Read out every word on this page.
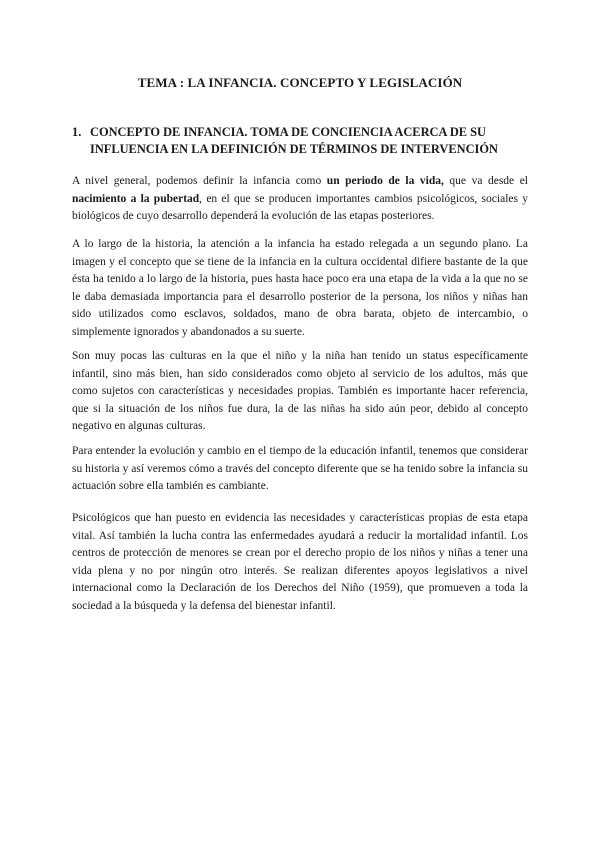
TEMA : LA INFANCIA. CONCEPTO Y LEGISLACIÓN
1. CONCEPTO DE INFANCIA. TOMA DE CONCIENCIA ACERCA DE SU INFLUENCIA EN LA DEFINICIÓN DE TÉRMINOS DE INTERVENCIÓN

A nivel general, podemos definir la infancia como un periodo de la vida, que va desde el nacimiento a la pubertad, en el que se producen importantes cambios psicológicos, sociales y biológicos de cuyo desarrollo dependerá la evolución de las etapas posteriores.

A lo largo de la historia, la atención a la infancia ha estado relegada a un segundo plano. La imagen y el concepto que se tiene de la infancia en la cultura occidental difiere bastante de la que ésta ha tenido a lo largo de la historia, pues hasta hace poco era una etapa de la vida a la que no se le daba demasiada importancia para el desarrollo posterior de la persona, los niños y niñas han sido utilizados como esclavos, soldados, mano de obra barata, objeto de intercambio, o simplemente ignorados y abandonados a su suerte.

Son muy pocas las culturas en la que el niño y la niña han tenido un status específicamente infantil, sino más bien, han sido considerados como objeto al servicio de los adultos, más que como sujetos con características y necesidades propias. También es importante hacer referencia, que si la situación de los niños fue dura, la de las niñas ha sido aún peor, debido al concepto negativo en algunas culturas.

Para entender la evolución y cambio en el tiempo de la educación infantil, tenemos que considerar su historia y así veremos cómo a través del concepto diferente que se ha tenido sobre la infancia su actuación sobre ella también es cambiante.

Psicológicos que han puesto en evidencia las necesidades y características propias de esta etapa vital. Así también la lucha contra las enfermedades ayudará a reducir la mortalidad infantil. Los centros de protección de menores se crean por el derecho propio de los niños y niñas a tener una vida plena y no por ningún otro interés. Se realizan diferentes apoyos legislativos a nivel internacional como la Declaración de los Derechos del Niño (1959), que promueven a toda la sociedad a la búsqueda y la defensa del bienestar infantil.
